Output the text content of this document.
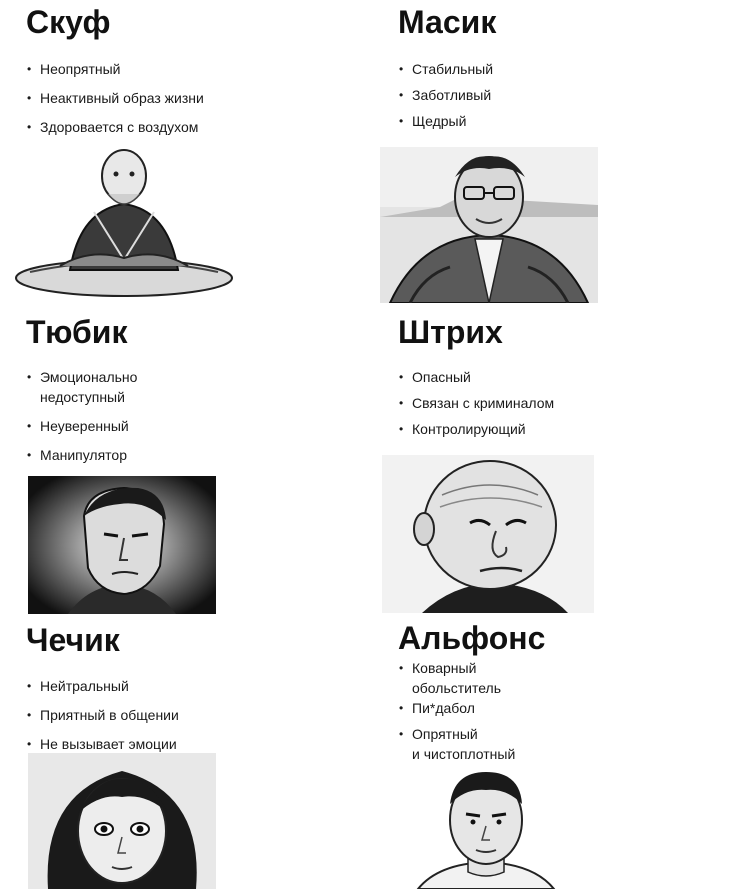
Скуф
• Неопрятный
• Неактивный образ жизни
• Здоровается с воздухом
Масик
• Стабильный
• Заботливый
• Щедрый
Тюбик
• Эмоционально
недоступный
• Неуверенный
• Манипулятор
Штрих
• Опасный
• Связан с криминалом
• Контролирующий
Чечик
• Нейтральный
• Приятный в общении
• Не вызывает эмоции
Альфонс
• Коварный
обольститель
• Пи*дабол
• Опрятный
и чистоплотный
